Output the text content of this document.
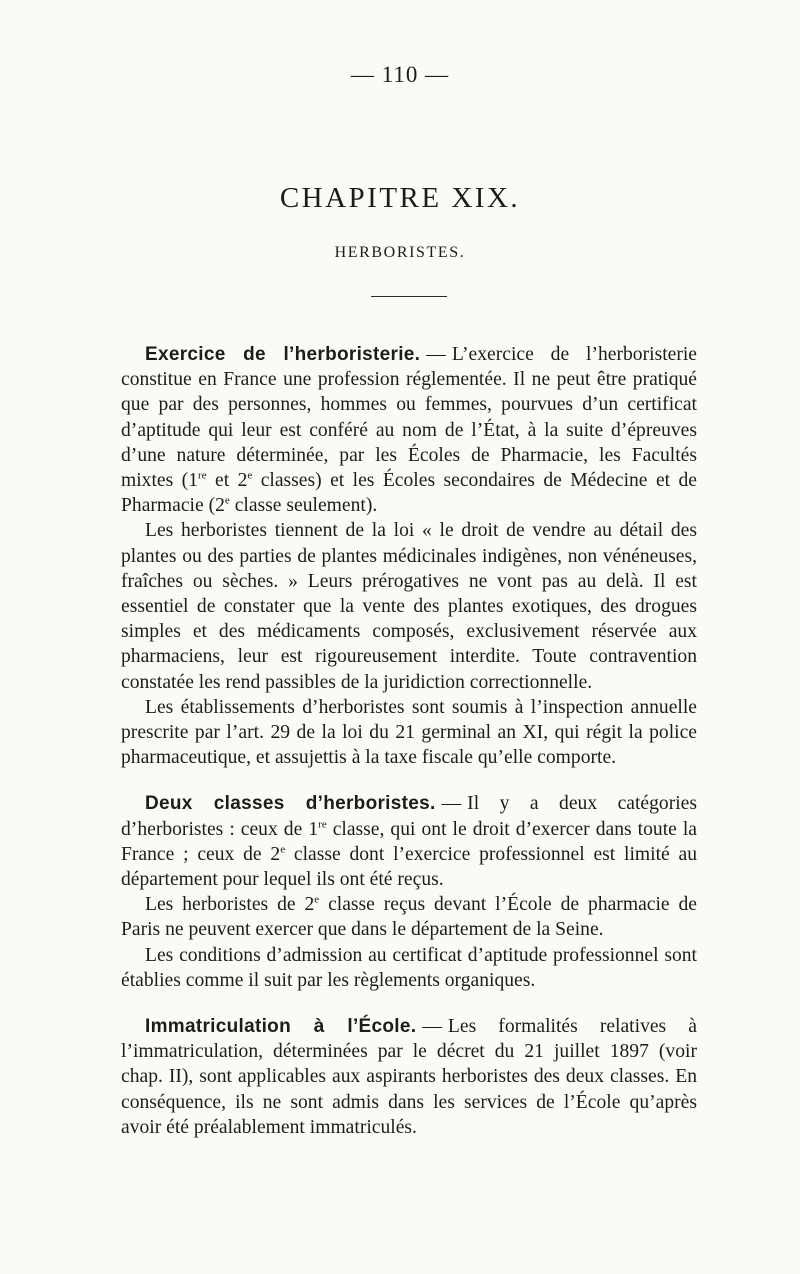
— 110 —
CHAPITRE XIX.
HERBORISTES.

Exercice de l’herboristerie. — L’exercice de l’herboristerie constitue en France une profession réglementée. Il ne peut être pratiqué que par des personnes, hommes ou femmes, pourvues d’un certificat d’aptitude qui leur est conféré au nom de l’État, à la suite d’épreuves d’une nature déterminée, par les Écoles de Pharmacie, les Facultés mixtes (1re et 2e classes) et les Écoles secondaires de Médecine et de Pharmacie (2e classe seulement).

Les herboristes tiennent de la loi « le droit de vendre au détail des plantes ou des parties de plantes médicinales indigènes, non vénéneuses, fraîches ou sèches. » Leurs prérogatives ne vont pas au delà. Il est essentiel de constater que la vente des plantes exotiques, des drogues simples et des médicaments composés, exclusivement réservée aux pharmaciens, leur est rigoureusement interdite. Toute contravention constatée les rend passibles de la juridiction correctionnelle.

Les établissements d’herboristes sont soumis à l’inspection annuelle prescrite par l’art. 29 de la loi du 21 germinal an XI, qui régit la police pharmaceutique, et assujettis à la taxe fiscale qu’elle comporte.

Deux classes d’herboristes. — Il y a deux catégories d’herboristes : ceux de 1re classe, qui ont le droit d’exercer dans toute la France ; ceux de 2e classe dont l’exercice professionnel est limité au département pour lequel ils ont été reçus.

Les herboristes de 2e classe reçus devant l’École de pharmacie de Paris ne peuvent exercer que dans le département de la Seine.

Les conditions d’admission au certificat d’aptitude professionnel sont établies comme il suit par les règlements organiques.

Immatriculation à l’École. — Les formalités relatives à l’immatriculation, déterminées par le décret du 21 juillet 1897 (voir chap. II), sont applicables aux aspirants herboristes des deux classes. En conséquence, ils ne sont admis dans les services de l’École qu’après avoir été préalablement immatriculés.
